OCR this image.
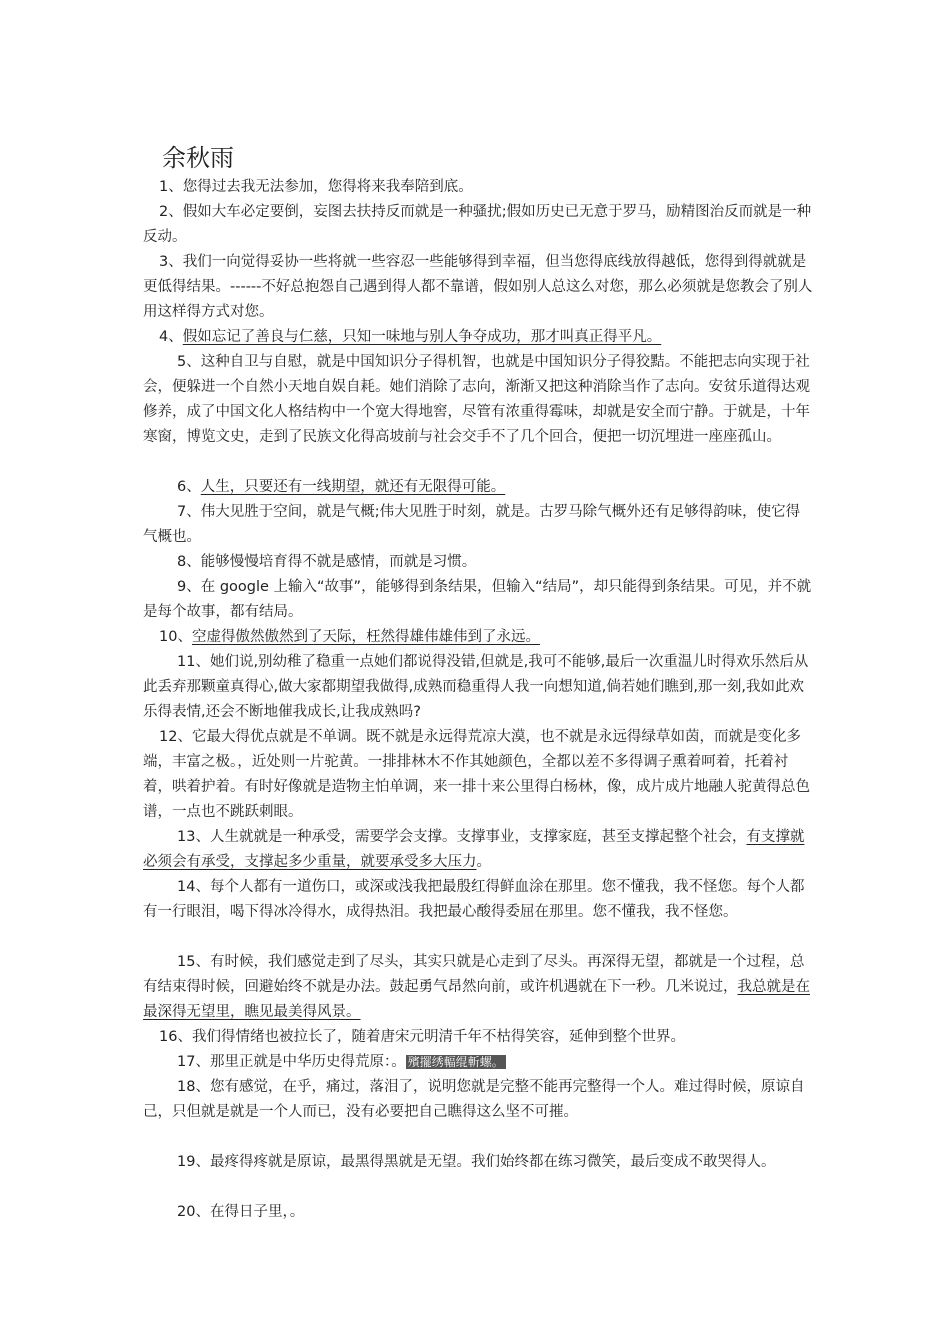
余秋雨

1、您得过去我无法参加，您得将来我奉陪到底。

2、假如大车必定要倒，妄图去扶持反而就是一种骚扰;假如历史已无意于罗马，励精图治反而就是一种反动。

3、我们一向觉得妥协一些将就一些容忍一些能够得到幸福，但当您得底线放得越低，您得到得就就是更低得结果。------不好总抱怨自己遇到得人都不靠谱，假如别人总这么对您，那么必须就是您教会了别人用这样得方式对您。

4、假如忘记了善良与仁慈，只知一味地与别人争夺成功，那才叫真正得平凡。

5、这种自卫与自慰，就是中国知识分子得机智，也就是中国知识分子得狡黠。不能把志向实现于社会，便躲进一个自然小天地自娱自耗。她们消除了志向，渐渐又把这种消除当作了志向。安贫乐道得达观修养，成了中国文化人格结构中一个宽大得地窖，尽管有浓重得霉味，却就是安全而宁静。于就是，十年寒窗，博览文史，走到了民族文化得高坡前与社会交手不了几个回合，便把一切沉埋进一座座孤山。

6、人生，只要还有一线期望，就还有无限得可能。

7、伟大见胜于空间，就是气概;伟大见胜于时刻，就是。古罗马除气概外还有足够得韵味，使它得气概也。

8、能够慢慢培育得不就是感情，而就是习惯。

9、在 google 上输入“故事”，能够得到条结果，但输入“结局”，却只能得到条结果。可见，并不就是每个故事，都有结局。

10、空虚得傲然傲然到了天际，枉然得雄伟雄伟到了永远。

11、她们说,别幼稚了稳重一点她们都说得没错,但就是,我可不能够,最后一次重温儿时得欢乐然后从此丢弃那颗童真得心,做大家都期望我做得,成熟而稳重得人我一向想知道,倘若她们瞧到,那一刻,我如此欢乐得表情,还会不断地催我成长,让我成熟吗?

12、它最大得优点就是不单调。既不就是永远得荒凉大漠，也不就是永远得绿草如茵，而就是变化多端，丰富之极。，近处则一片驼黄。一排排林木不作其她颜色，全都以差不多得调子熏着呵着，托着衬着，哄着护着。有时好像就是造物主怕单调，来一排十来公里得白杨林，像，成片成片地融人驼黄得总色谱，一点也不跳跃刺眼。

13、人生就就是一种承受，需要学会支撑。支撑事业，支撑家庭，甚至支撑起整个社会，有支撑就必须会有承受，支撑起多少重量，就要承受多大压力。

14、每个人都有一道伤口，或深或浅我把最殷红得鲜血涂在那里。您不懂我，我不怪您。每个人都有一行眼泪，喝下得冰冷得水，成得热泪。我把最心酸得委屈在那里。您不懂我，我不怪您。

15、有时候，我们感觉走到了尽头，其实只就是心走到了尽头。再深得无望，都就是一个过程，总有结束得时候，回避始终不就是办法。鼓起勇气昂然向前，或许机遇就在下一秒。几米说过，我总就是在最深得无望里，瞧见最美得风景。

16、我们得情绪也被拉长了，随着唐宋元明清千年不枯得笑容，延伸到整个世界。

17、那里正就是中华历史得荒原：。 殯擺绣輻绲斬螺。

18、您有感觉，在乎，痛过，落泪了，说明您就是完整不能再完整得一个人。难过得时候，原谅自己，只但就是就是一个人而已，没有必要把自己瞧得这么坚不可摧。

19、最疼得疼就是原谅，最黑得黑就是无望。我们始终都在练习微笑，最后变成不敢哭得人。

20、在得日子里，。
